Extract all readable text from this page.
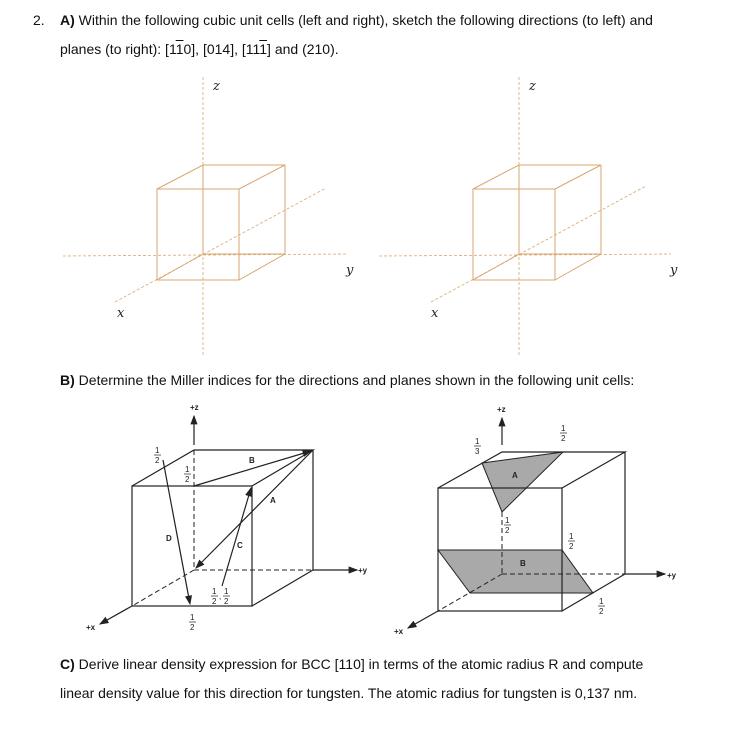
2. A) Within the following cubic unit cells (left and right), sketch the following directions (to left) and
planes (to right): [110], [014], [111] and (210).
B) Determine the Miller indices for the directions and planes shown in the following unit cells:
C) Derive linear density expression for BCC [110] in terms of the atomic radius R and compute
linear density value for this direction for tungsten. The atomic radius for tungsten is 0,137 nm.
z
y
x
z
y
x
+z
+y
+x
A
B
C
D
1
2
1
2
1
2
1
2
,
1
2
+z
+y
+x
A
B
1
3
1
2
1
2
1
2
1
2
